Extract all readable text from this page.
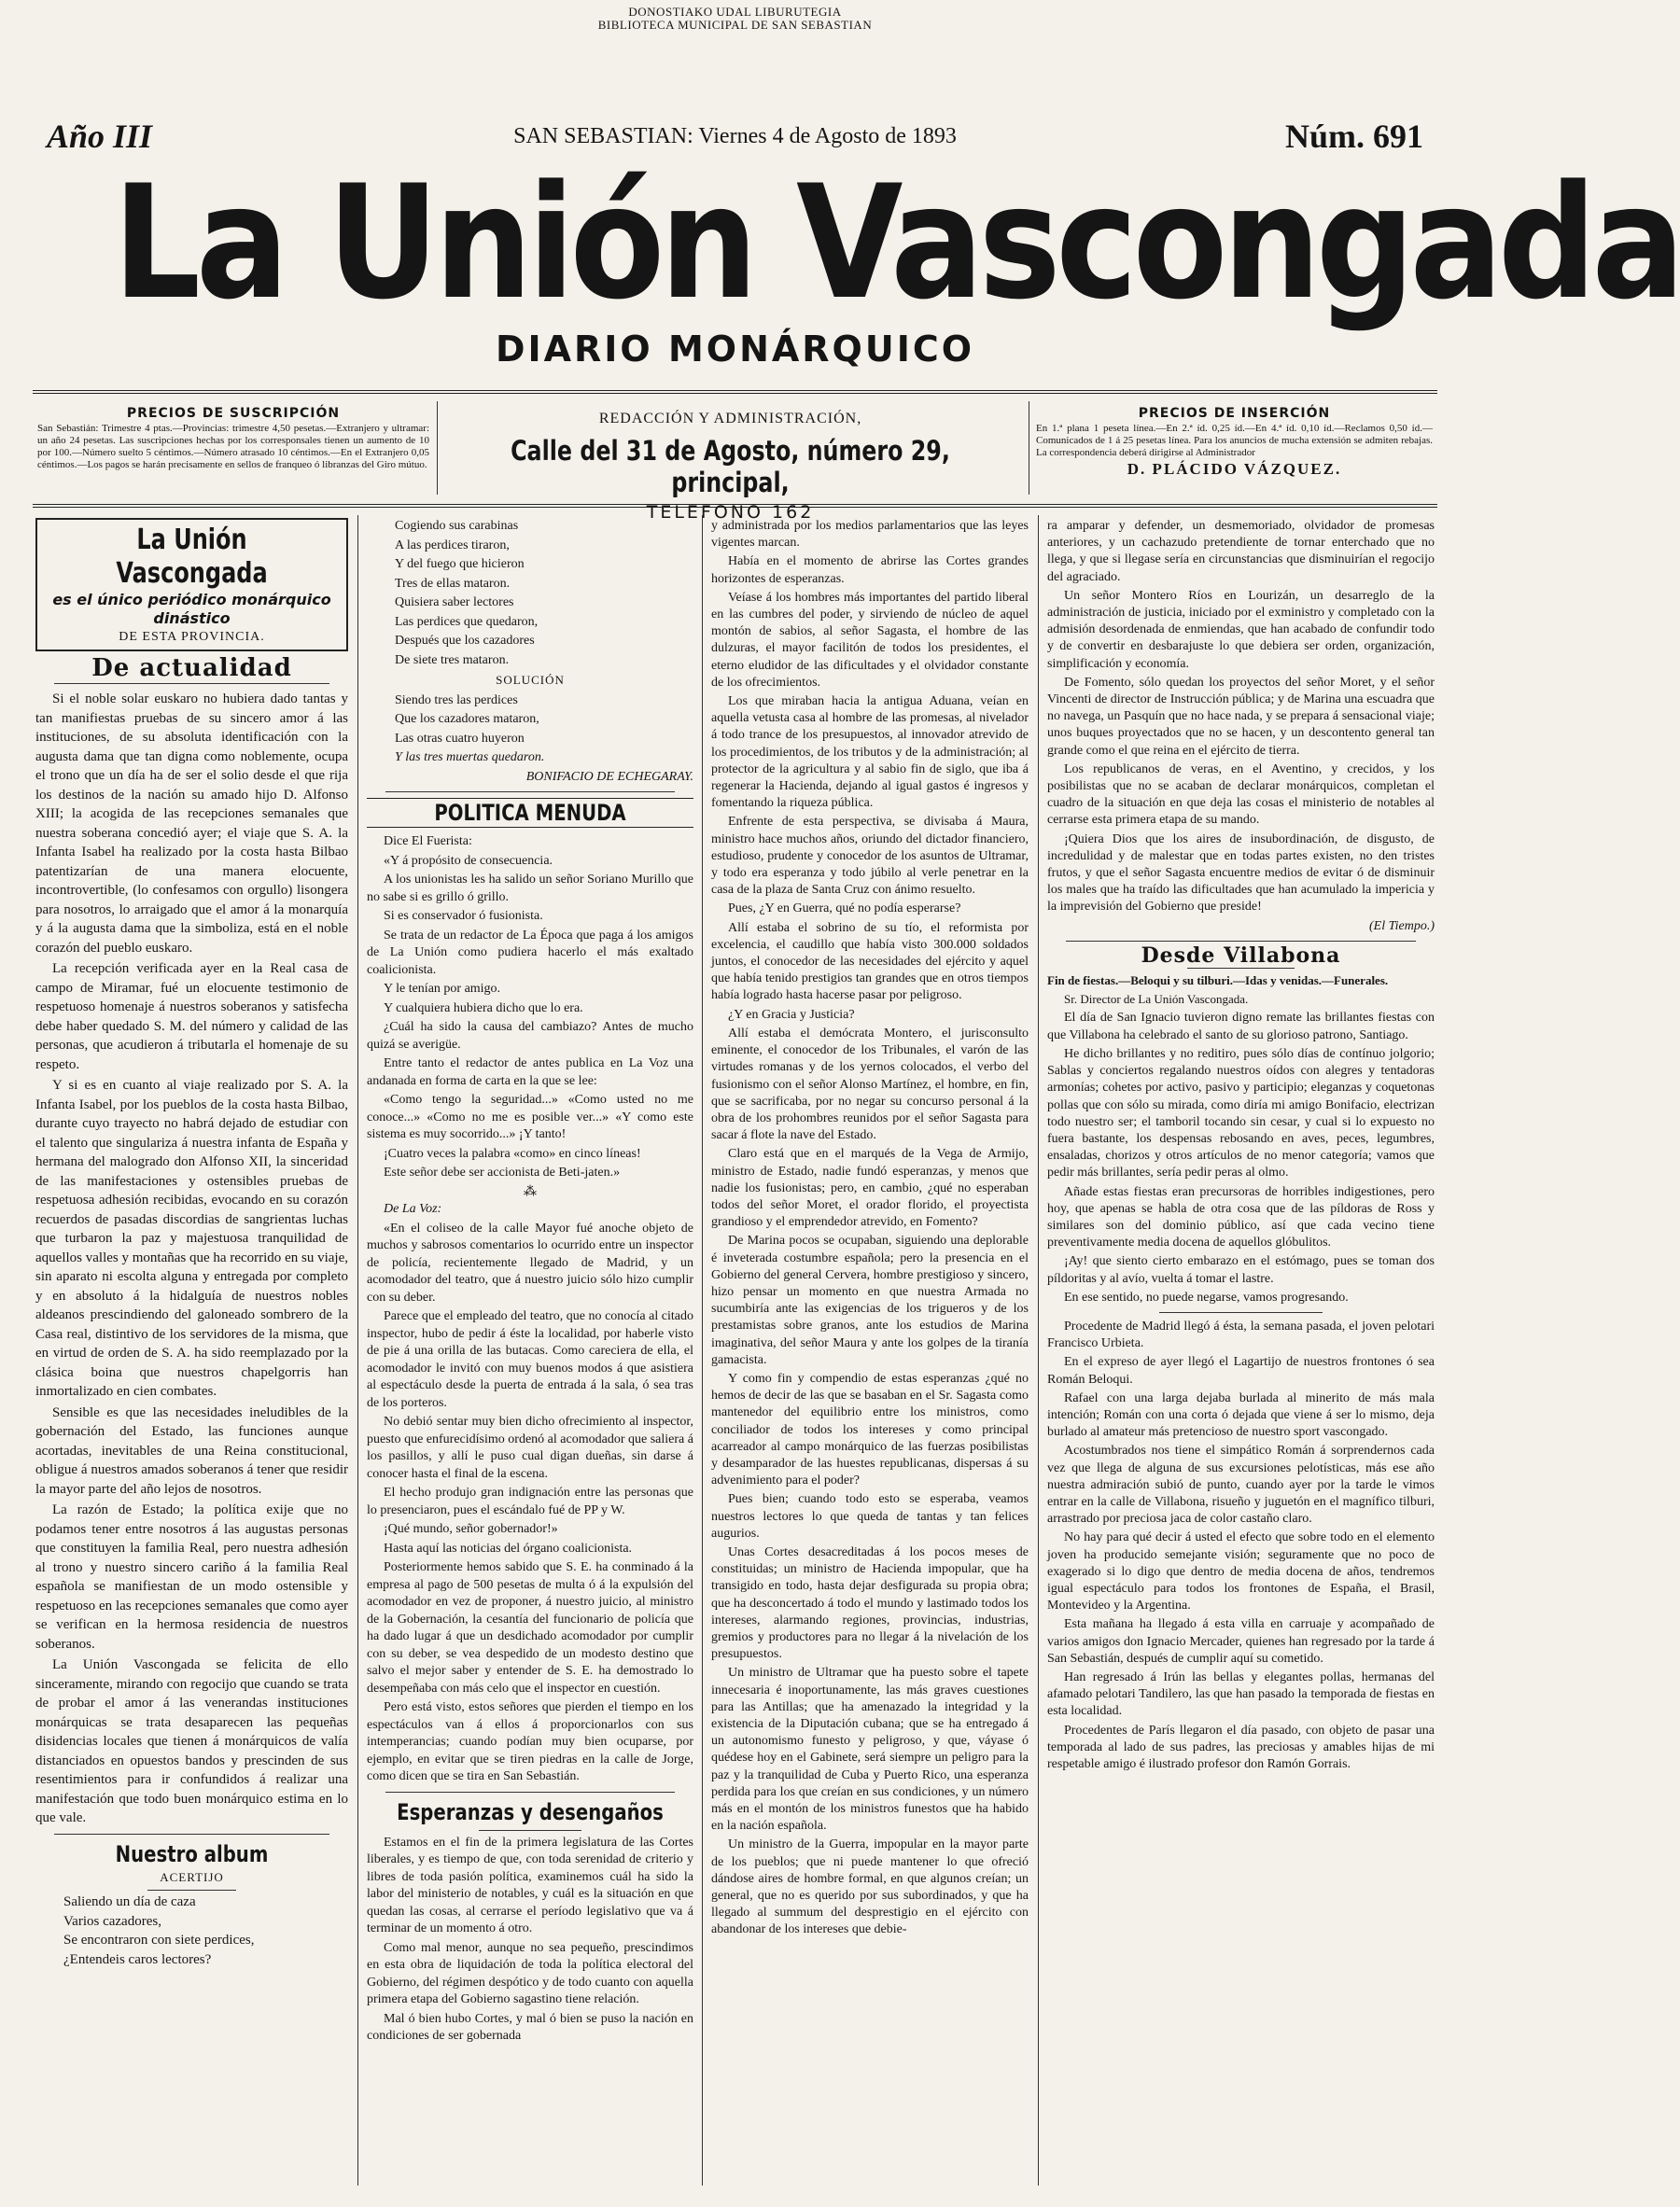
DONOSTIAKO UDAL LIBURUTEGIA
BIBLIOTECA MUNICIPAL DE SAN SEBASTIAN
Año III	SAN SEBASTIAN: Viernes 4 de Agosto de 1893	Núm. 691
La Unión Vascongada
DIARIO MONÁRQUICO
PRECIOS DE SUSCRIPCIÓN
San Sebastián: Trimestre 4 ptas.—Provincias: trimestre 4,50 pesetas.—Extranjero y ultramar: un año 24 pesetas. Las suscripciones hechas por los corresponsales tienen un aumento de 10 por 100.—Número suelto 5 céntimos.—Número atrasado 10 céntimos.—En el Extranjero 0,05 céntimos.—Los pagos se harán precisamente en sellos de franqueo ó libranzas del Giro mútuo.
REDACCIÓN Y ADMINISTRACIÓN,
Calle del 31 de Agosto, número 29, principal,
TELEFONO 162
PRECIOS DE INSERCIÓN
En 1.ª plana 1 peseta línea.—En 2.ª íd. 0,25 íd.—En 4.ª íd. 0,10 íd.—Reclamos 0,50 íd.—Comunicados de 1 á 25 pesetas línea. Para los anuncios de mucha extensión se admiten rebajas. La correspondencia deberá dirigirse al Administrador
D. PLÁCIDO VÁZQUEZ.
La Unión Vascongada
es el único periódico monárquico dinástico
DE ESTA PROVINCIA.
De actualidad

Si el noble solar euskaro no hubiera dado tantas y tan manifiestas pruebas de su sincero amor á las instituciones, de su absoluta identificación con la augusta dama que tan digna como noblemente, ocupa el trono que un día ha de ser el solio desde el que rija los destinos de la nación su amado hijo D. Alfonso XIII; la acogida de las recepciones semanales que nuestra soberana concedió ayer; el viaje que S. A. la Infanta Isabel ha realizado por la costa hasta Bilbao patentizarían de una manera elocuente, incontrovertible, (lo confesamos con orgullo) lisongera para nosotros, lo arraigado que el amor á la monarquía y á la augusta dama que la simboliza, está en el noble corazón del pueblo euskaro.

La recepción verificada ayer en la Real casa de campo de Miramar, fué un elocuente testimonio de respetuoso homenaje á nuestros soberanos y satisfecha debe haber quedado S. M. del número y calidad de las personas, que acudieron á tributarla el homenaje de su respeto.

Y si es en cuanto al viaje realizado por S. A. la Infanta Isabel, por los pueblos de la costa hasta Bilbao, durante cuyo trayecto no habrá dejado de estudiar con el talento que singulariza á nuestra infanta de España y hermana del malogrado don Alfonso XII, la sinceridad de las manifestaciones y ostensibles pruebas de respetuosa adhesión recibidas, evocando en su corazón recuerdos de pasadas discordias de sangrientas luchas que turbaron la paz y majestuosa tranquilidad de aquellos valles y montañas que ha recorrido en su viaje, sin aparato ni escolta alguna y entregada por completo y en absoluto á la hidalguía de nuestros nobles aldeanos prescindiendo del galoneado sombrero de la Casa real, distintivo de los servidores de la misma, que en virtud de orden de S. A. ha sido reemplazado por la clásica boina que nuestros chapelgorris han inmortalizado en cien combates.

Sensible es que las necesidades ineludibles de la gobernación del Estado, las funciones aunque acortadas, inevitables de una Reina constitucional, obligue á nuestros amados soberanos á tener que residir la mayor parte del año lejos de nosotros.

La razón de Estado; la política exije que no podamos tener entre nosotros á las augustas personas que constituyen la familia Real, pero nuestra adhesión al trono y nuestro sincero cariño á la familia Real española se manifiestan de un modo ostensible y respetuoso en las recepciones semanales que como ayer se verifican en la hermosa residencia de nuestros soberanos.

La Unión Vascongada se felicita de ello sinceramente, mirando con regocijo que cuando se trata de probar el amor á las venerandas instituciones monárquicas se trata desaparecen las pequeñas disidencias locales que tienen á monárquicos de valía distanciados en opuestos bandos y prescinden de sus resentimientos para ir confundidos á realizar una manifestación que todo buen monárquico estima en lo que vale.

Nuestro album
ACERTIJO

Saliendo un día de caza

Varios cazadores,

Se encontraron con siete perdices,

¿Entendeis caros lectores?

Cogiendo sus carabinas

A las perdices tiraron,

Y del fuego que hicieron

Tres de ellas mataron.

Quisiera saber lectores

Las perdices que quedaron,

Después que los cazadores

De siete tres mataron.

SOLUCIÓN

Siendo tres las perdices

Que los cazadores mataron,

Las otras cuatro huyeron

Y las tres muertas quedaron.

BONIFACIO DE ECHEGARAY.

POLITICA MENUDA

Dice El Fuerista:

«Y á propósito de consecuencia.

A los unionistas les ha salido un señor Soriano Murillo que no sabe si es grillo ó grillo.

Si es conservador ó fusionista.

Se trata de un redactor de La Época que paga á los amigos de La Unión como pudiera hacerlo el más exaltado coalicionista.

Y le tenían por amigo.

Y cualquiera hubiera dicho que lo era.

¿Cuál ha sido la causa del cambiazo? Antes de mucho quizá se averigüe.

Entre tanto el redactor de antes publica en La Voz una andanada en forma de carta en la que se lee:

«Como tengo la seguridad...» «Como usted no me conoce...» «Como no me es posible ver...» «Y como este sistema es muy socorrido...» ¡Y tanto!

¡Cuatro veces la palabra «como» en cinco líneas!

Este señor debe ser accionista de Beti-jaten.»

⁂

De La Voz:

«En el coliseo de la calle Mayor fué anoche objeto de muchos y sabrosos comentarios lo ocurrido entre un inspector de policía, recientemente llegado de Madrid, y un acomodador del teatro, que á nuestro juicio sólo hizo cumplir con su deber.

Parece que el empleado del teatro, que no conocía al citado inspector, hubo de pedir á éste la localidad, por haberle visto de pie á una orilla de las butacas. Como careciera de ella, el acomodador le invitó con muy buenos modos á que asistiera al espectáculo desde la puerta de entrada á la sala, ó sea tras de los porteros.

No debió sentar muy bien dicho ofrecimiento al inspector, puesto que enfurecidísimo ordenó al acomodador que saliera á los pasillos, y allí le puso cual digan dueñas, sin darse á conocer hasta el final de la escena.

El hecho produjo gran indignación entre las personas que lo presenciaron, pues el escándalo fué de PP y W.

¡Qué mundo, señor gobernador!»

Hasta aquí las noticias del órgano coalicionista.

Posteriormente hemos sabido que S. E. ha conminado á la empresa al pago de 500 pesetas de multa ó á la expulsión del acomodador en vez de proponer, á nuestro juicio, al ministro de la Gobernación, la cesantía del funcionario de policía que ha dado lugar á que un desdichado acomodador por cumplir con su deber, se vea despedido de un modesto destino que salvo el mejor saber y entender de S. E. ha demostrado lo desempeñaba con más celo que el inspector en cuestión.

Pero está visto, estos señores que pierden el tiempo en los espectáculos van á ellos á proporcionarlos con sus intemperancias; cuando podían muy bien ocuparse, por ejemplo, en evitar que se tiren piedras en la calle de Jorge, como dicen que se tira en San Sebastián.

Esperanzas y desengaños

Estamos en el fin de la primera legislatura de las Cortes liberales, y es tiempo de que, con toda serenidad de criterio y libres de toda pasión política, examinemos cuál ha sido la labor del ministerio de notables, y cuál es la situación en que quedan las cosas, al cerrarse el período legislativo que va á terminar de un momento á otro.

Como mal menor, aunque no sea pequeño, prescindimos en esta obra de liquidación de toda la política electoral del Gobierno, del régimen despótico y de todo cuanto con aquella primera etapa del Gobierno sagastino tiene relación.

Mal ó bien hubo Cortes, y mal ó bien se puso la nación en condiciones de ser gobernada

y administrada por los medios parlamentarios que las leyes vigentes marcan.

Había en el momento de abrirse las Cortes grandes horizontes de esperanzas.

Veíase á los hombres más importantes del partido liberal en las cumbres del poder, y sirviendo de núcleo de aquel montón de sabios, al señor Sagasta, el hombre de las dulzuras, el mayor facilitón de todos los presidentes, el eterno eludidor de las dificultades y el olvidador constante de los ofrecimientos.

Los que miraban hacia la antigua Aduana, veían en aquella vetusta casa al hombre de las promesas, al nivelador á todo trance de los presupuestos, al innovador atrevido de los procedimientos, de los tributos y de la administración; al protector de la agricultura y al sabio fin de siglo, que iba á regenerar la Hacienda, dejando al igual gastos é ingresos y fomentando la riqueza pública.

Enfrente de esta perspectiva, se divisaba á Maura, ministro hace muchos años, oriundo del dictador financiero, estudioso, prudente y conocedor de los asuntos de Ultramar, y todo era esperanza y todo júbilo al verle penetrar en la casa de la plaza de Santa Cruz con ánimo resuelto.

Pues, ¿Y en Guerra, qué no podía esperarse?

Allí estaba el sobrino de su tío, el reformista por excelencia, el caudillo que había visto 300.000 soldados juntos, el conocedor de las necesidades del ejército y aquel que había tenido prestigios tan grandes que en otros tiempos había logrado hasta hacerse pasar por peligroso.

¿Y en Gracia y Justicia?

Allí estaba el demócrata Montero, el jurisconsulto eminente, el conocedor de los Tribunales, el varón de las virtudes romanas y de los yernos colocados, el verbo del fusionismo con el señor Alonso Martínez, el hombre, en fin, que se sacrificaba, por no negar su concurso personal á la obra de los prohombres reunidos por el señor Sagasta para sacar á flote la nave del Estado.

Claro está que en el marqués de la Vega de Armijo, ministro de Estado, nadie fundó esperanzas, y menos que nadie los fusionistas; pero, en cambio, ¿qué no esperaban todos del señor Moret, el orador florido, el proyectista grandioso y el emprendedor atrevido, en Fomento?

De Marina pocos se ocupaban, siguiendo una deplorable é inveterada costumbre española; pero la presencia en el Gobierno del general Cervera, hombre prestigioso y sincero, hizo pensar un momento en que nuestra Armada no sucumbiría ante las exigencias de los trigueros y de los prestamistas sobre granos, ante los estudios de Marina imaginativa, del señor Maura y ante los golpes de la tiranía gamacista.

Y como fin y compendio de estas esperanzas ¿qué no hemos de decir de las que se basaban en el Sr. Sagasta como mantenedor del equilibrio entre los ministros, como conciliador de todos los intereses y como principal acarreador al campo monárquico de las fuerzas posibilistas y desamparador de las huestes republicanas, dispersas á su advenimiento para el poder?

Pues bien; cuando todo esto se esperaba, veamos nuestros lectores lo que queda de tantas y tan felices augurios.

Unas Cortes desacreditadas á los pocos meses de constituidas; un ministro de Hacienda impopular, que ha transigido en todo, hasta dejar desfigurada su propia obra; que ha desconcertado á todo el mundo y lastimado todos los intereses, alarmando regiones, provincias, industrias, gremios y productores para no llegar á la nivelación de los presupuestos.

Un ministro de Ultramar que ha puesto sobre el tapete innecesaria é inoportunamente, las más graves cuestiones para las Antillas; que ha amenazado la integridad y la existencia de la Diputación cubana; que se ha entregado á un autonomismo funesto y peligroso, y que, váyase ó quédese hoy en el Gabinete, será siempre un peligro para la paz y la tranquilidad de Cuba y Puerto Rico, una esperanza perdida para los que creían en sus condiciones, y un número más en el montón de los ministros funestos que ha habido en la nación española.

Un ministro de la Guerra, impopular en la mayor parte de los pueblos; que ni puede mantener lo que ofreció dándose aires de hombre formal, en que algunos creían; un general, que no es querido por sus subordinados, y que ha llegado al summum del desprestigio en el ejército con abandonar de los intereses que debie-

ra amparar y defender, un desmemoriado, olvidador de promesas anteriores, y un cachazudo pretendiente de tornar enterchado que no llega, y que si llegase sería en circunstancias que disminuirían el regocijo del agraciado.

Un señor Montero Ríos en Lourizán, un desarreglo de la administración de justicia, iniciado por el exministro y completado con la admisión desordenada de enmiendas, que han acabado de confundir todo y de convertir en desbarajuste lo que debiera ser orden, organización, simplificación y economía.

De Fomento, sólo quedan los proyectos del señor Moret, y el señor Vincenti de director de Instrucción pública; y de Marina una escuadra que no navega, un Pasquín que no hace nada, y se prepara á sensacional viaje; unos buques proyectados que no se hacen, y un descontento general tan grande como el que reina en el ejército de tierra.

Los republicanos de veras, en el Aventino, y crecidos, y los posibilistas que no se acaban de declarar monárquicos, completan el cuadro de la situación en que deja las cosas el ministerio de notables al cerrarse esta primera etapa de su mando.

¡Quiera Dios que los aires de insubordinación, de disgusto, de incredulidad y de malestar que en todas partes existen, no den tristes frutos, y que el señor Sagasta encuentre medios de evitar ó de disminuir los males que ha traído las dificultades que han acumulado la impericia y la imprevisión del Gobierno que preside!

(El Tiempo.)

Desde Villabona

Fin de fiestas.—Beloqui y su tilburi.—Idas y venidas.—Funerales.

Sr. Director de La Unión Vascongada.

El día de San Ignacio tuvieron digno remate las brillantes fiestas con que Villabona ha celebrado el santo de su glorioso patrono, Santiago.

He dicho brillantes y no reditiro, pues sólo días de contínuo jolgorio; Sablas y conciertos regalando nuestros oídos con alegres y tentadoras armonías; cohetes por activo, pasivo y participio; eleganzas y coquetonas pollas que con sólo su mirada, como diría mi amigo Bonifacio, electrizan todo nuestro ser; el tamboril tocando sin cesar, y cual si lo expuesto no fuera bastante, los despensas rebosando en aves, peces, legumbres, ensaladas, chorizos y otros artículos de no menor categoría; vamos que pedir más brillantes, sería pedir peras al olmo.

Añade estas fiestas eran precursoras de horribles indigestiones, pero hoy, que apenas se habla de otra cosa que de las píldoras de Ross y similares son del dominio público, así que cada vecino tiene preventivamente media docena de aquellos glóbulitos.

¡Ay! que siento cierto embarazo en el estómago, pues se toman dos píldoritas y al avío, vuelta á tomar el lastre.

En ese sentido, no puede negarse, vamos progresando.

Procedente de Madrid llegó á ésta, la semana pasada, el joven pelotari Francisco Urbieta.

En el expreso de ayer llegó el Lagartijo de nuestros frontones ó sea Román Beloqui.

Rafael con una larga dejaba burlada al minerito de más mala intención; Román con una corta ó dejada que viene á ser lo mismo, deja burlado al amateur más pretencioso de nuestro sport vascongado.

Acostumbrados nos tiene el simpático Román á sorprendernos cada vez que llega de alguna de sus excursiones pelotísticas, más ese año nuestra admiración subió de punto, cuando ayer por la tarde le vimos entrar en la calle de Villabona, risueño y juguetón en el magnífico tilburi, arrastrado por preciosa jaca de color castaño claro.

No hay para qué decir á usted el efecto que sobre todo en el elemento joven ha producido semejante visión; seguramente que no poco de exagerado si lo digo que dentro de media docena de años, tendremos igual espectáculo para todos los frontones de España, el Brasil, Montevideo y la Argentina.

Esta mañana ha llegado á esta villa en carruaje y acompañado de varios amigos don Ignacio Mercader, quienes han regresado por la tarde á San Sebastián, después de cumplir aquí su cometido.

Han regresado á Irún las bellas y elegantes pollas, hermanas del afamado pelotari Tandilero, las que han pasado la temporada de fiestas en esta localidad.

Procedentes de París llegaron el día pasado, con objeto de pasar una temporada al lado de sus padres, las preciosas y amables hijas de mi respetable amigo é ilustrado profesor don Ramón Gorrais.
